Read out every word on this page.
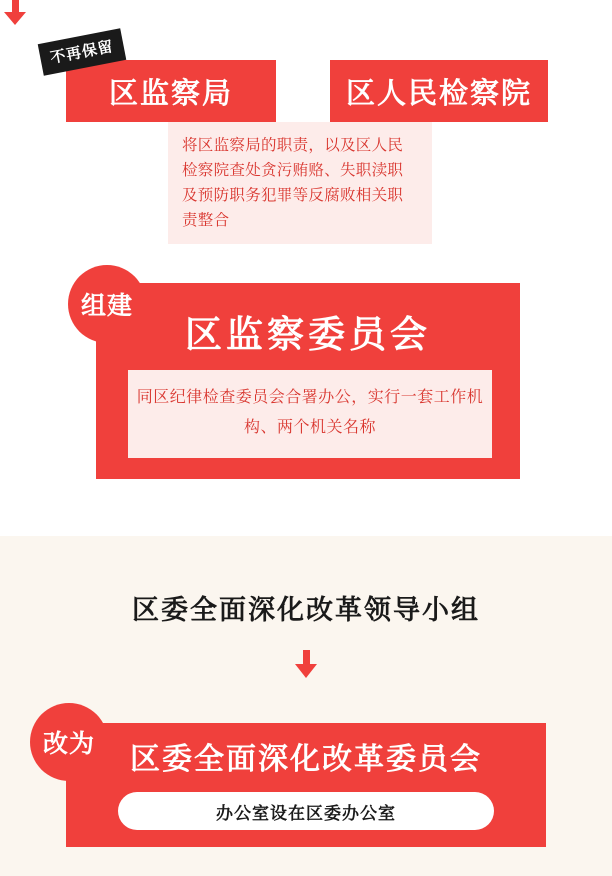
不再保留
区监察局	区人民检察院
将区监察局的职责，以及区人民检察院查处贪污贿赂、失职渎职及预防职务犯罪等反腐败相关职责整合
组建
区监察委员会
同区纪律检查委员会合署办公，实行一套工作机构、两个机关名称
区委全面深化改革领导小组
改为	区委全面深化改革委员会
办公室设在区委办公室
